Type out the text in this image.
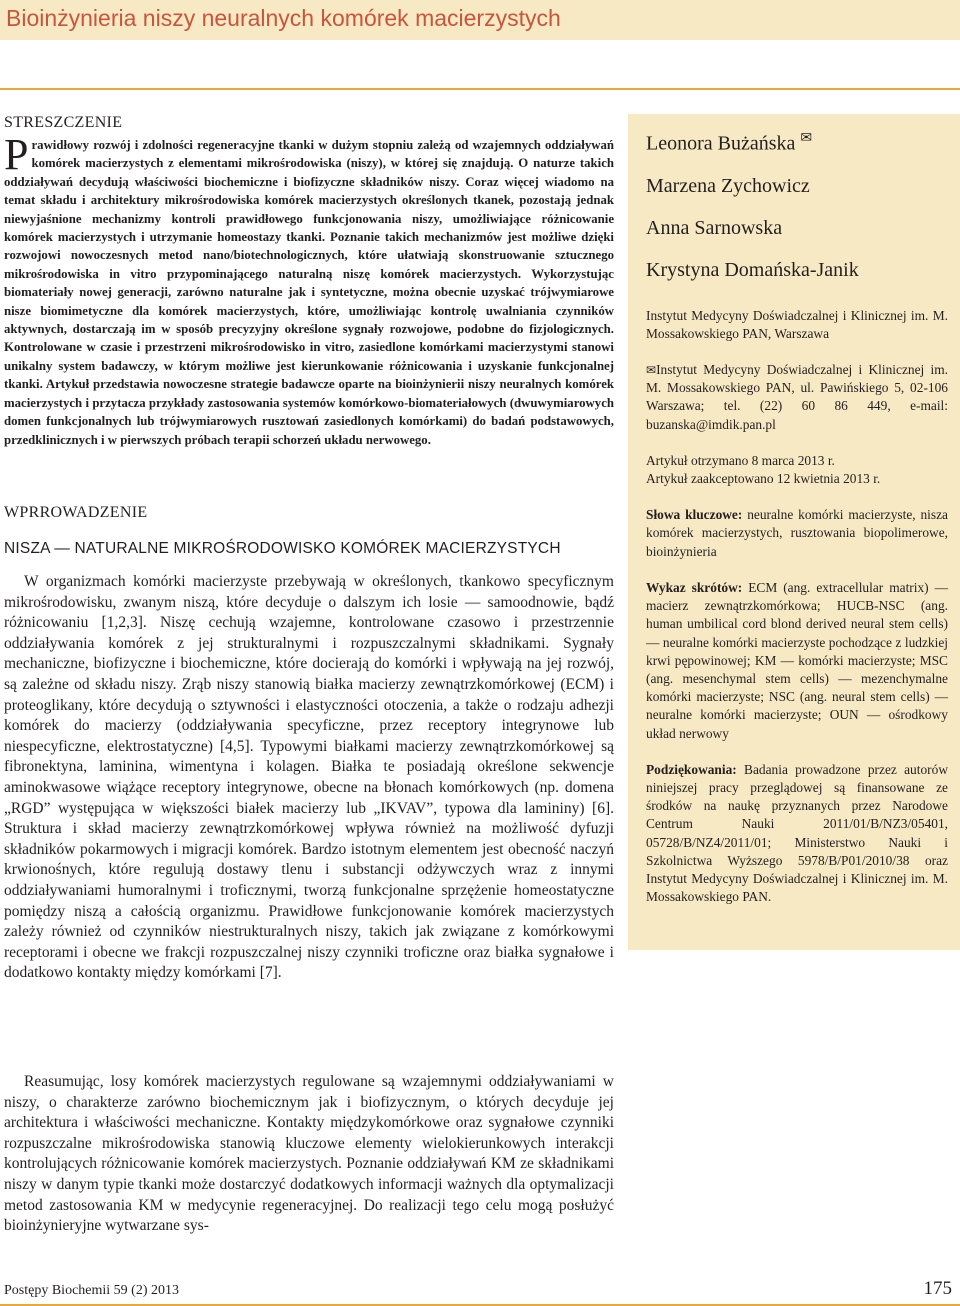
Bioinżynieria niszy neuralnych komórek macierzystych
STRESZCZENIE

P rawidłowy rozwój i zdolności regeneracyjne tkanki w dużym stopniu zależą od wzajemnych oddziaływań komórek macierzystych z elementami mikrośrodowiska (niszy), w której się znajdują. O naturze takich oddziaływań decydują właściwości biochemiczne i biofizyczne składników niszy. Coraz więcej wiadomo na temat składu i architektury mikrośrodowiska komórek macierzystych określonych tkanek, pozostają jednak niewyjaśnione mechanizmy kontroli prawidłowego funkcjonowania niszy, umożliwiające różnicowanie komórek macierzystych i utrzymanie homeostazy tkanki. Poznanie takich mechanizmów jest możliwe dzięki rozwojowi nowoczesnych metod nano/biotechnologicznych, które ułatwiają skonstruowanie sztucznego mikrośrodowiska in vitro przypominającego naturalną niszę komórek macierzystych. Wykorzystując biomateriały nowej generacji, zarówno naturalne jak i syntetyczne, można obecnie uzyskać trójwymiarowe nisze biomimetyczne dla komórek macierzystych, które, umożliwiając kontrolę uwalniania czynników aktywnych, dostarczają im w sposób precyzyjny określone sygnały rozwojowe, podobne do fizjologicznych. Kontrolowane w czasie i przestrzeni mikrośrodowisko in vitro, zasiedlone komórkami macierzystymi stanowi unikalny system badawczy, w którym możliwe jest kierunkowanie różnicowania i uzyskanie funkcjonalnej tkanki. Artykuł przedstawia nowoczesne strategie badawcze oparte na bioinżynierii niszy neuralnych komórek macierzystych i przytacza przykłady zastosowania systemów komórkowo-biomateriałowych (dwuwymiarowych domen funkcjonalnych lub trójwymiarowych rusztowań zasiedlonych komórkami) do badań podstawowych, przedklinicznych i w pierwszych próbach terapii schorzeń układu nerwowego.

WPRROWADZENIE
NISZA — NATURALNE MIKROŚRODOWISKO KOMÓREK MACIERZYSTYCH

W organizmach komórki macierzyste przebywają w określonych, tkankowo specyficznym mikrośrodowisku, zwanym niszą, które decyduje o dalszym ich losie — samoodnowie, bądź różnicowaniu [1,2,3]. Niszę cechują wzajemne, kontrolowane czasowo i przestrzennie oddziaływania komórek z jej strukturalnymi i rozpuszczalnymi składnikami. Sygnały mechaniczne, biofizyczne i biochemiczne, które docierają do komórki i wpływają na jej rozwój, są zależne od składu niszy. Zrąb niszy stanowią białka macierzy zewnątrzkomórkowej (ECM) i proteoglikany, które decydują o sztywności i elastyczności otoczenia, a także o rodzaju adhezji komórek do macierzy (oddziaływania specyficzne, przez receptory integrynowe lub niespecyficzne, elektrostatyczne) [4,5]. Typowymi białkami macierzy zewnątrzkomórkowej są fibronektyna, laminina, wimentyna i kolagen. Białka te posiadają określone sekwencje aminokwasowe wiążące receptory integrynowe, obecne na błonach komórkowych (np. domena „RGD” występująca w większości białek macierzy lub „IKVAV”, typowa dla lamininy) [6]. Struktura i skład macierzy zewnątrzkomórkowej wpływa również na możliwość dyfuzji składników pokarmowych i migracji komórek. Bardzo istotnym elementem jest obecność naczyń krwionośnych, które regulują dostawy tlenu i substancji odżywczych wraz z innymi oddziaływaniami humoralnymi i troficznymi, tworzą funkcjonalne sprzężenie homeostatyczne pomiędzy niszą a całością organizmu. Prawidłowe funkcjonowanie komórek macierzystych zależy również od czynników niestrukturalnych niszy, takich jak związane z komórkowymi receptorami i obecne we frakcji rozpuszczalnej niszy czynniki troficzne oraz białka sygnałowe i dodatkowo kontakty między komórkami [7].

Reasumując, losy komórek macierzystych regulowane są wzajemnymi oddziaływaniami w niszy, o charakterze zarówno biochemicznym jak i biofizycznym, o których decyduje jej architektura i właściwości mechaniczne. Kontakty międzykomórkowe oraz sygnałowe czynniki rozpuszczalne mikrośrodowiska stanowią kluczowe elementy wielokierunkowych interakcji kontrolujących różnicowanie komórek macierzystych. Poznanie oddziaływań KM ze składnikami niszy w danym typie tkanki może dostarczyć dodatkowych informacji ważnych dla optymalizacji metod zastosowania KM w medycynie regeneracyjnej. Do realizacji tego celu mogą posłużyć bioinżynieryjne wytwarzane sys-

Leonora Bużańska ✉
Marzena Zychowicz
Anna Sarnowska
Krystyna Domańska-Janik

Instytut Medycyny Doświadczalnej i Klinicznej im. M. Mossakowskiego PAN, Warszawa

✉Instytut Medycyny Doświadczalnej i Klinicznej im. M. Mossakowskiego PAN, ul. Pawińskiego 5, 02-106 Warszawa; tel. (22) 60 86 449, e-mail: buzanska@imdik.pan.pl

Artykuł otrzymano 8 marca 2013 r.
Artykuł zaakceptowano 12 kwietnia 2013 r.

Słowa kluczowe: neuralne komórki macierzyste, nisza komórek macierzystych, rusztowania biopolimerowe, bioinżynieria

Wykaz skrótów: ECM (ang. extracellular matrix) — macierz zewnątrzkomórkowa; HUCB-NSC (ang. human umbilical cord blond derived neural stem cells) — neuralne komórki macierzyste pochodzące z ludzkiej krwi pępowinowej; KM — komórki macierzyste; MSC (ang. mesenchymal stem cells) — mezenchymalne komórki macierzyste; NSC (ang. neural stem cells) — neuralne komórki macierzyste; OUN — ośrodkowy układ nerwowy

Podziękowania: Badania prowadzone przez autorów niniejszej pracy przeglądowej są finansowane ze środków na naukę przyznanych przez Narodowe Centrum Nauki 2011/01/B/NZ3/05401, 05728/B/NZ4/2011/01; Ministerstwo Nauki i Szkolnictwa Wyższego 5978/B/P01/2010/38 oraz Instytut Medycyny Doświadczalnej i Klinicznej im. M. Mossakowskiego PAN.

Postępy Biochemii 59 (2) 2013	175
